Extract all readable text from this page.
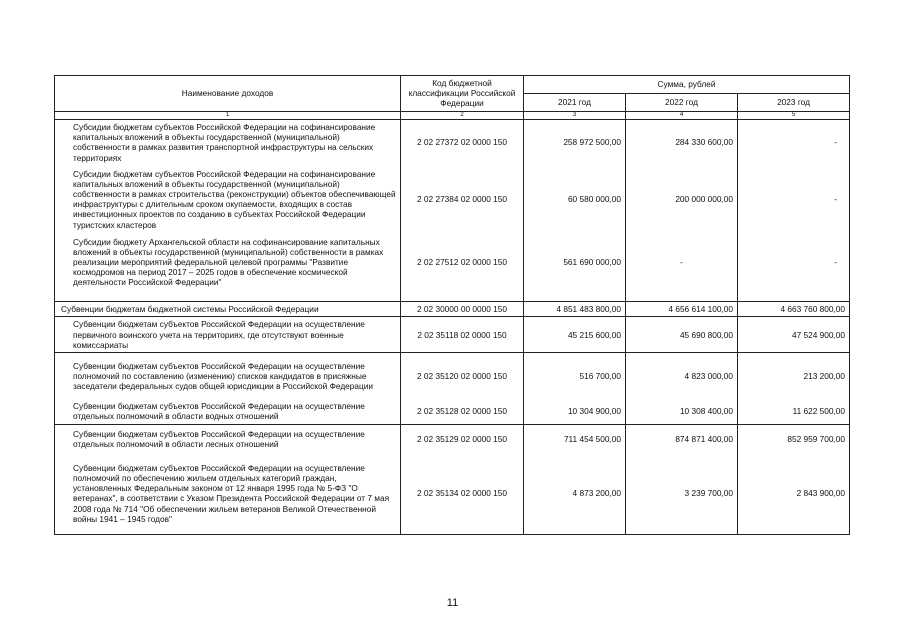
Наименование доходов	Код бюджетной классификации Российской Федерации	Сумма, рублей		
		2021 год	2022 год	2023 год
1	2	3	4	5
Субсидии бюджетам субъектов Российской Федерации на софинансирование капитальных вложений в объекты государственной (муниципальной) собственности в рамках развития транспортной инфраструктуры на сельских территориях	2 02 27372 02 0000 150	258 972 500,00	284 330 600,00	-
Субсидии бюджетам субъектов Российской Федерации на софинансирование капитальных вложений в объекты государственной (муниципальной) собственности в рамках строительства (реконструкции) объектов обеспечивающей инфраструктуры с длительным сроком окупаемости, входящих в состав инвестиционных проектов по созданию в субъектах Российской Федерации туристских кластеров	2 02 27384 02 0000 150	60 580 000,00	200 000 000,00	-
Субсидии бюджету Архангельской области на софинансирование капитальных вложений в объекты государственной (муниципальной) собственности в рамках реализации мероприятий федеральной целевой программы "Развитие космодромов на период 2017 – 2025 годов в обеспечение космической деятельности Российской Федерации"	2 02 27512 02 0000 150	561 690 000,00	-	-

Субвенции бюджетам бюджетной системы Российской Федерации	2 02 30000 00 0000 150	4 851 483 800,00	4 656 614 100,00	4 663 760 800,00
Субвенции бюджетам субъектов Российской Федерации на осуществление первичного воинского учета на территориях, где отсутствуют военные комиссариаты	2 02 35118 02 0000 150	45 215 600,00	45 690 800,00	47 524 900,00
Субвенции бюджетам субъектов Российской Федерации на осуществление полномочий по составлению (изменению) списков кандидатов в присяжные заседатели федеральных судов общей юрисдикции в Российской Федерации	2 02 35120 02 0000 150	516 700,00	4 823 000,00	213 200,00
Субвенции бюджетам субъектов Российской Федерации на осуществление отдельных полномочий в области водных отношений	2 02 35128 02 0000 150	10 304 900,00	10 308 400,00	11 622 500,00
Субвенции бюджетам субъектов Российской Федерации на осуществление отдельных полномочий в области лесных отношений	2 02 35129 02 0000 150	711 454 500,00	874 871 400,00	852 959 700,00
Субвенции бюджетам субъектов Российской Федерации на осуществление полномочий по обеспечению жильем отдельных категорий граждан, установленных Федеральным законом от 12 января 1995 года № 5-ФЗ "О ветеранах", в соответствии с Указом Президента Российской Федерации от 7 мая 2008 года № 714 "Об обеспечении жильем ветеранов Великой Отечественной войны 1941 – 1945 годов"	2 02 35134 02 0000 150	4 873 200,00	3 239 700,00	2 843 900,00
11
